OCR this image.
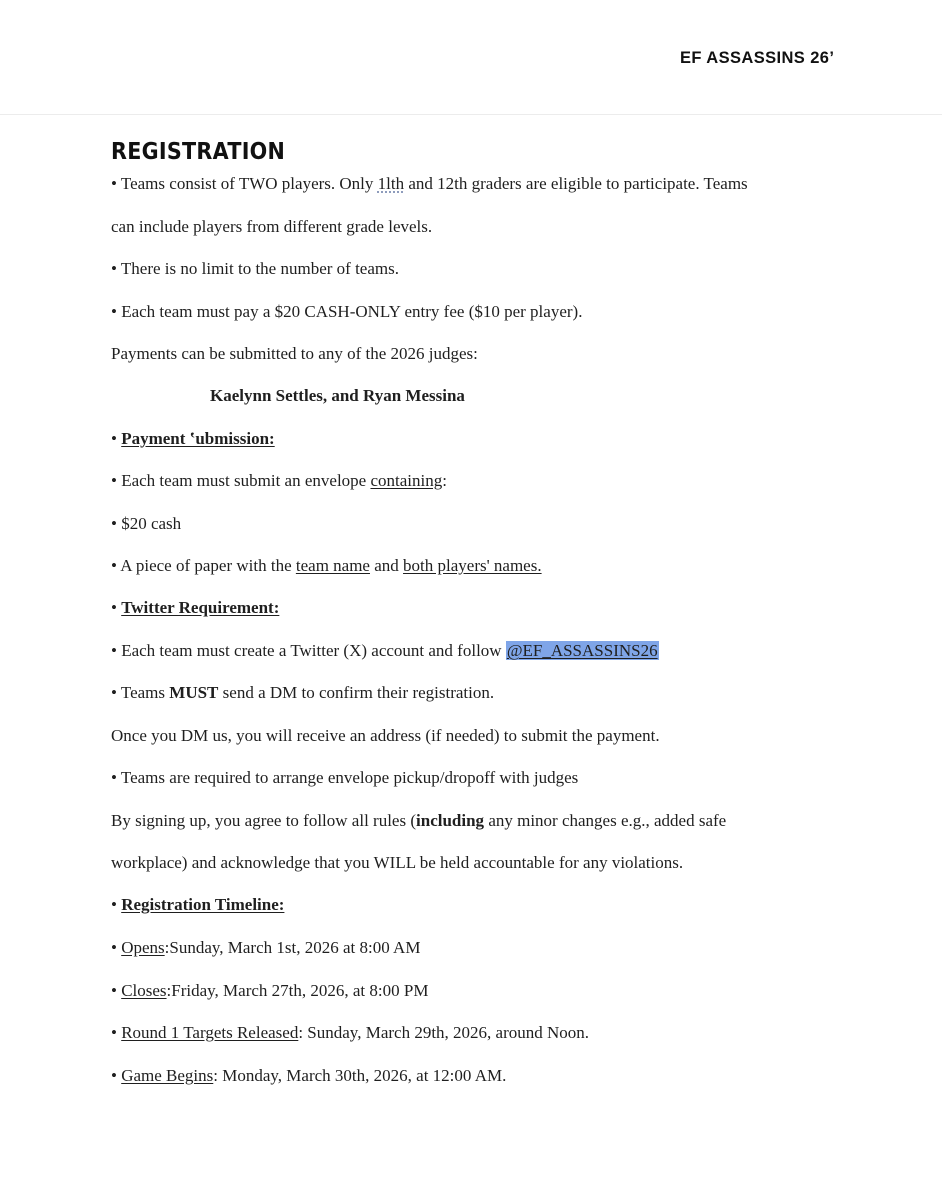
EF ASSASSINS 26’
REGISTRATION
• Teams consist of TWO players. Only 1lth and 12th graders are eligible to participate. Teams
can include players from different grade levels.
• There is no limit to the number of teams.
• Each team must pay a $20 CASH-ONLY entry fee ($10 per player).
Payments can be submitted to any of the 2026 judges:
Kaelynn Settles, and Ryan Messina
• Payment ʽubmission:
• Each team must submit an envelope containing:
• $20 cash
• A piece of paper with the team name and both players' names.
• Twitter Requirement:
• Each team must create a Twitter (X) account and follow @EF_ASSASSINS26
• Teams MUST send a DM to confirm their registration.
Once you DM us, you will receive an address (if needed) to submit the payment.
• Teams are required to arrange envelope pickup/dropoff with judges
By signing up, you agree to follow all rules (including any minor changes e.g., added safe
workplace) and acknowledge that you WILL be held accountable for any violations.
• Registration Timeline:
• Opens:Sunday, March 1st, 2026 at 8:00 AM
• Closes:Friday, March 27th, 2026, at 8:00 PM
• Round 1 Targets Released: Sunday, March 29th, 2026, around Noon.
• Game Begins: Monday, March 30th, 2026, at 12:00 AM.
